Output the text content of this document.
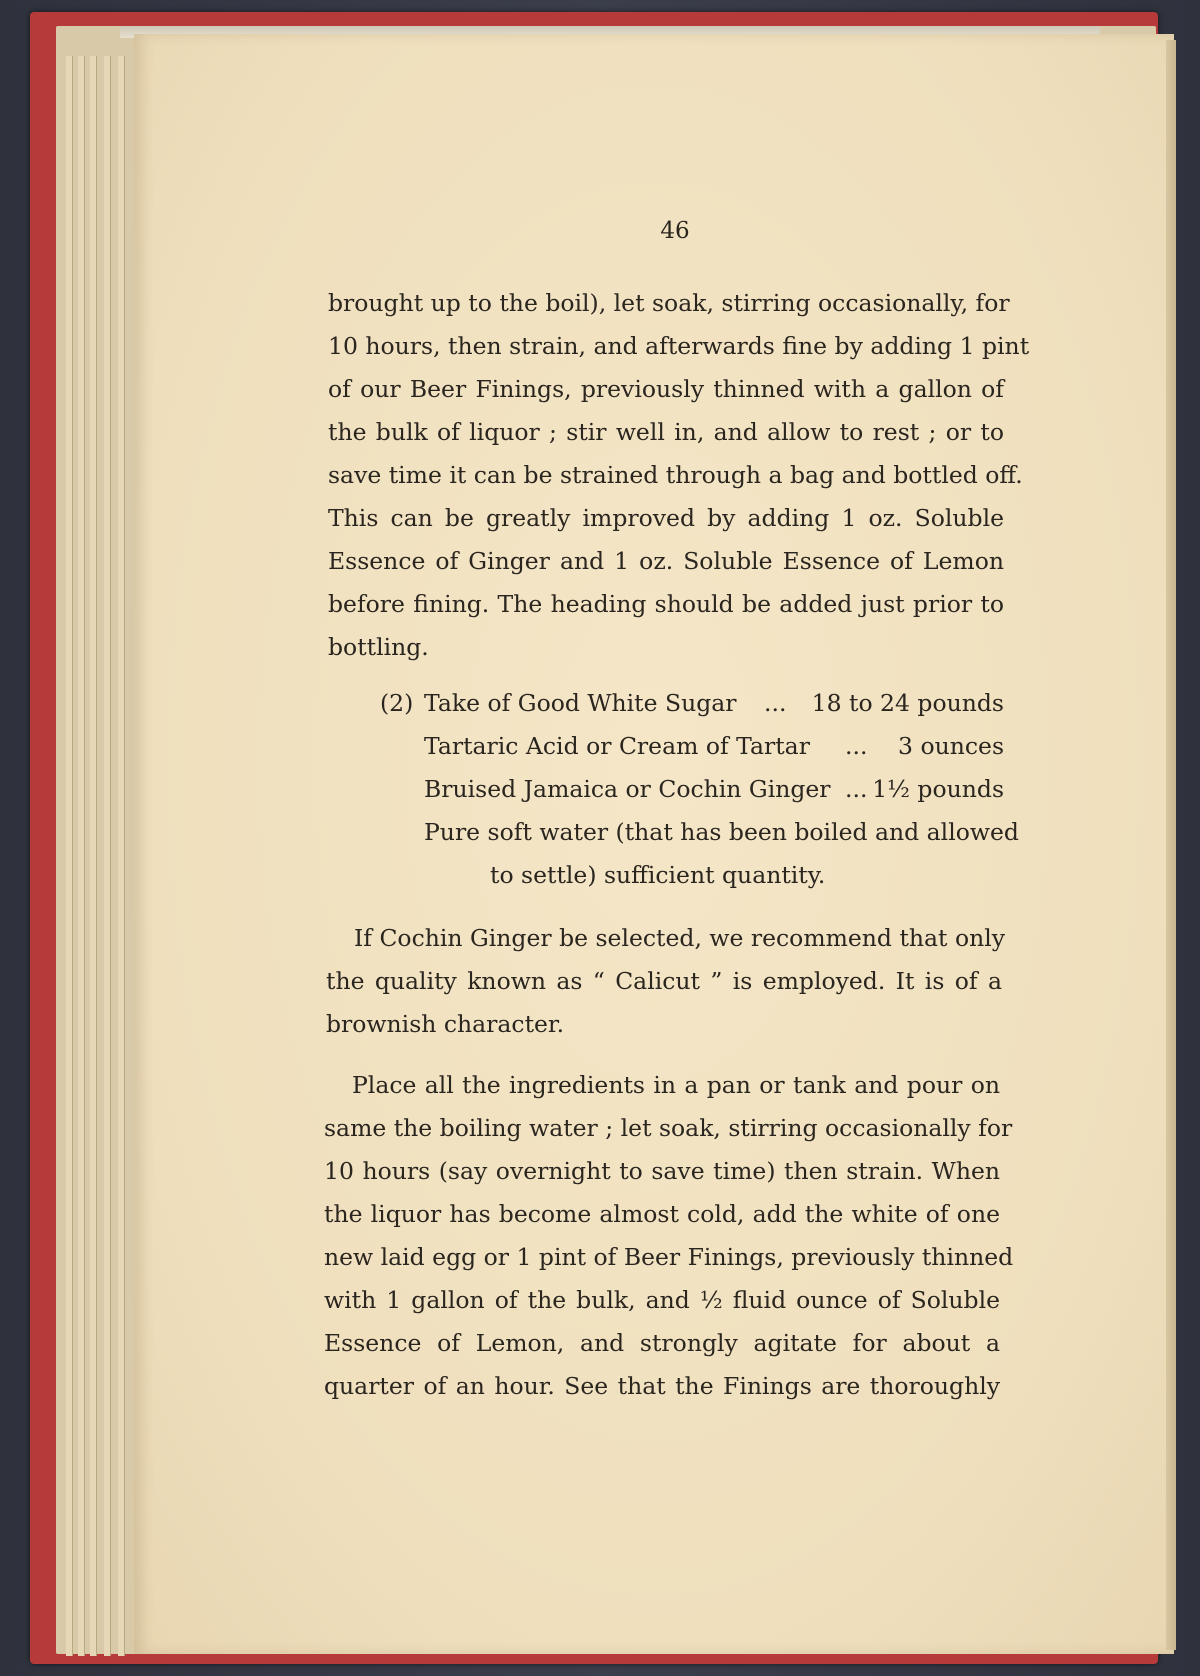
46
brought up to the boil), let soak, stirring occasionally, for
10 hours, then strain, and afterwards fine by adding 1 pint
of our Beer Finings, previously thinned with a gallon of
the bulk of liquor ; stir well in, and allow to rest ; or to
save time it can be strained through a bag and bottled off.
This can be greatly improved by adding 1 oz. Soluble
Essence of Ginger and 1 oz. Soluble Essence of Lemon
before fining. The heading should be added just prior to
bottling.
(2) Take of Good White Sugar ... 18 to 24 pounds
Tartaric Acid or Cream of Tartar ... 3 ounces
Bruised Jamaica or Cochin Ginger ... 1½ pounds
Pure soft water (that has been boiled and allowed
to settle) sufficient quantity.
If Cochin Ginger be selected, we recommend that only
the quality known as “ Calicut ” is employed. It is of a
brownish character.
Place all the ingredients in a pan or tank and pour on
same the boiling water ; let soak, stirring occasionally for
10 hours (say overnight to save time) then strain. When
the liquor has become almost cold, add the white of one
new laid egg or 1 pint of Beer Finings, previously thinned
with 1 gallon of the bulk, and ½ fluid ounce of Soluble
Essence of Lemon, and strongly agitate for about a
quarter of an hour. See that the Finings are thoroughly
